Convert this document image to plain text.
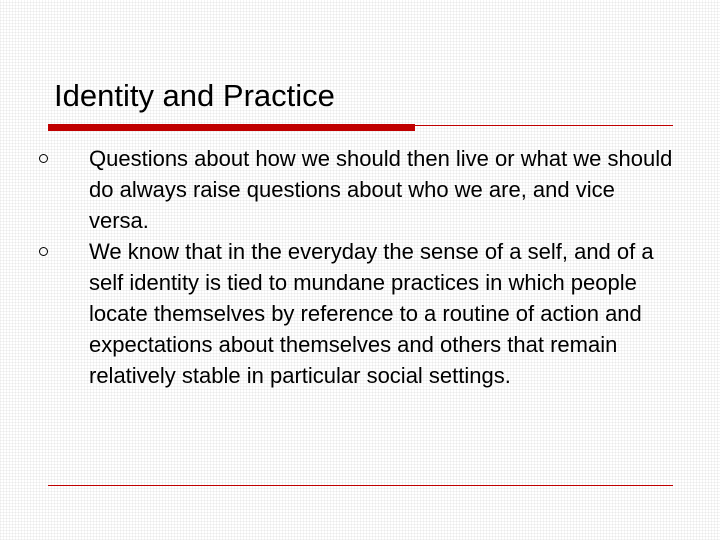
Identity and Practice
Questions about how we should then live or what we should do always raise questions about who we are, and vice versa.
We know that in the everyday the sense of a self, and of a self identity is tied to mundane practices in which people locate themselves by reference to a routine of action and expectations about themselves and others that remain relatively stable in particular social settings.
